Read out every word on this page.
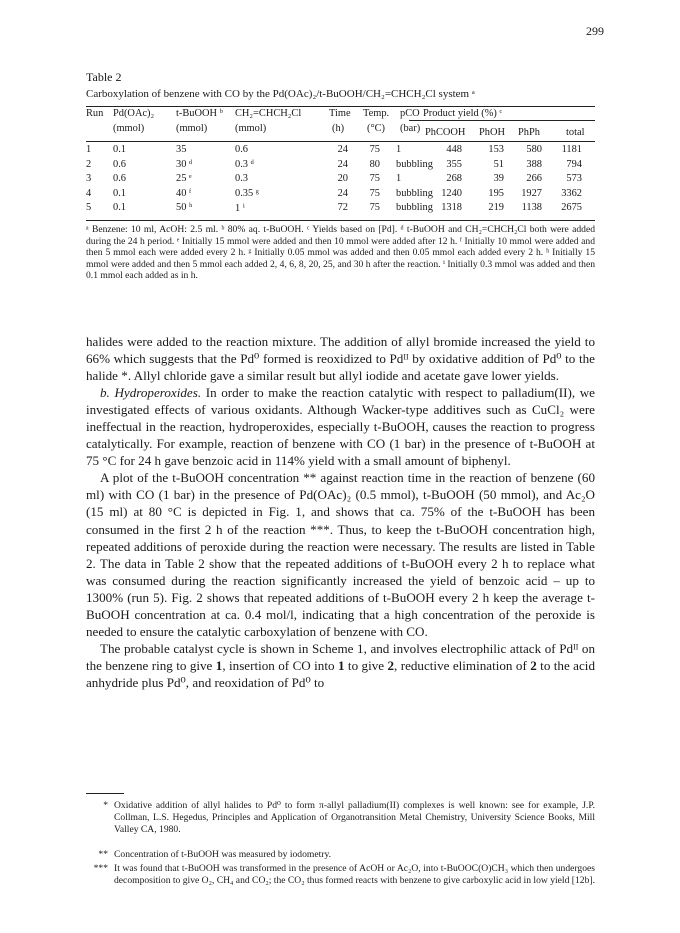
299
Table 2
Carboxylation of benzene with CO by the Pd(OAc)₂/t-BuOOH/CH₂=CHCH₂Cl system ᵃ
Run Pd(OAc)₂ t-BuOOH ᵇ CH₂=CHCH₂Cl	Time Temp. pCO Product yield (%) ᶜ
(mmol)	(mmol)	(mmol)	(h) (°C) (bar) PhCOOH PhOH PhPh	total
1 0.1	35	0.6	24	75 1	448	153	580	1181
2 0.6	30 ᵈ	0.3 ᵈ	24	80 bubbling	355	51	388	794
3 0.6	25 ᵉ	0.3	20	75 1	268	39	266	573
4 0.1	40 ᶠ	0.35 ᵍ	24	75 bubbling 1240	195	1927	3362
5 0.1	50 ʰ	1 ⁱ	72	75 bubbling 1318	219	1138	2675
ᵃ Benzene: 10 ml, AcOH: 2.5 ml. ᵇ 80% aq. t-BuOOH. ᶜ Yields based on [Pd]. ᵈ t-BuOOH and CH₂=CHCH₂Cl both were added during the 24 h period. ᵉ Initially 15 mmol were added and then 10 mmol were added after 12 h. ᶠ Initially 10 mmol were added and then 5 mmol each were added every 2 h. ᵍ Initially 0.05 mmol was added and then 0.05 mmol each added every 2 h. ʰ Initially 15 mmol were added and then 5 mmol each added 2, 4, 6, 8, 20, 25, and 30 h after the reaction. ⁱ Initially 0.3 mmol was added and then 0.1 mmol each added as in h.

halides were added to the reaction mixture. The addition of allyl bromide increased the yield to 66% which suggests that the Pd⁰ formed is reoxidized to Pdᴵᴵ by oxidative addition of Pd⁰ to the halide *. Allyl chloride gave a similar result but allyl iodide and acetate gave lower yields.

b. Hydroperoxides. In order to make the reaction catalytic with respect to palladium(II), we investigated effects of various oxidants. Although Wacker-type additives such as CuCl₂ were ineffectual in the reaction, hydroperoxides, especially t-BuOOH, causes the reaction to progress catalytically. For example, reaction of benzene with CO (1 bar) in the presence of t-BuOOH at 75 °C for 24 h gave benzoic acid in 114% yield with a small amount of biphenyl.

A plot of the t-BuOOH concentration ** against reaction time in the reaction of benzene (60 ml) with CO (1 bar) in the presence of Pd(OAc)₂ (0.5 mmol), t-BuOOH (50 mmol), and Ac₂O (15 ml) at 80 °C is depicted in Fig. 1, and shows that ca. 75% of the t-BuOOH has been consumed in the first 2 h of the reaction ***. Thus, to keep the t-BuOOH concentration high, repeated additions of peroxide during the reaction were necessary. The results are listed in Table 2. The data in Table 2 show that the repeated additions of t-BuOOH every 2 h to replace what was consumed during the reaction significantly increased the yield of benzoic acid – up to 1300% (run 5). Fig. 2 shows that repeated additions of t-BuOOH every 2 h keep the average t-BuOOH concentration at ca. 0.4 mol/l, indicating that a high concentration of the peroxide is needed to ensure the catalytic carboxylation of benzene with CO.

The probable catalyst cycle is shown in Scheme 1, and involves electrophilic attack of Pdᴵᴵ on the benzene ring to give 1, insertion of CO into 1 to give 2, reductive elimination of 2 to the acid anhydride plus Pd⁰, and reoxidation of Pd⁰ to

* Oxidative addition of allyl halides to Pd⁰ to form π-allyl palladium(II) complexes is well known: see for example, J.P. Collman, L.S. Hegedus, Principles and Application of Organotransition Metal Chemistry, University Science Books, Mill Valley CA, 1980.
** Concentration of t-BuOOH was measured by iodometry.
*** It was found that t-BuOOH was transformed in the presence of AcOH or Ac₂O, into t-BuOOC(O)CH₃ which then undergoes decomposition to give O₂, CH₄ and CO₂; the CO₂ thus formed reacts with benzene to give carboxylic acid in low yield [12b].
